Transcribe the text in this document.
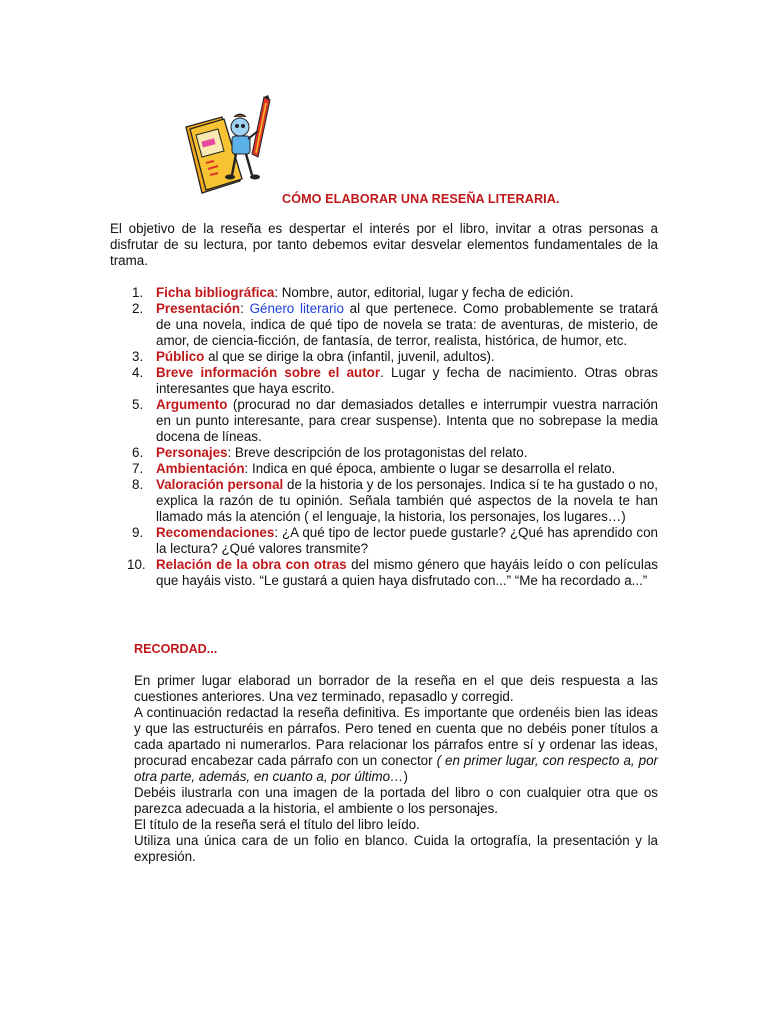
CÓMO ELABORAR UNA RESEÑA LITERARIA.

El objetivo de la reseña es despertar el interés por el libro, invitar a otras personas a disfrutar de su lectura, por tanto debemos evitar desvelar elementos fundamentales de la trama.

1. Ficha bibliográfica: Nombre, autor, editorial, lugar y fecha de edición.
2. Presentación: Género literario al que pertenece. Como probablemente se tratará de una novela, indica de qué tipo de novela se trata: de aventuras, de misterio, de amor, de ciencia-ficción, de fantasía, de terror, realista, histórica, de humor, etc.
3. Público al que se dirige la obra (infantil, juvenil, adultos).
4. Breve información sobre el autor. Lugar y fecha de nacimiento. Otras obras interesantes que haya escrito.
5. Argumento (procurad no dar demasiados detalles e interrumpir vuestra narración en un punto interesante, para crear suspense). Intenta que no sobrepase la media docena de líneas.
6. Personajes: Breve descripción de los protagonistas del relato.
7. Ambientación: Indica en qué época, ambiente o lugar se desarrolla el relato.
8. Valoración personal de la historia y de los personajes. Indica sí te ha gustado o no, explica la razón de tu opinión. Señala también qué aspectos de la novela te han llamado más la atención ( el lenguaje, la historia, los personajes, los lugares…)
9. Recomendaciones: ¿A qué tipo de lector puede gustarle? ¿Qué has aprendido con la lectura? ¿Qué valores transmite?
10. Relación de la obra con otras del mismo género que hayáis leído o con películas que hayáis visto. “Le gustará a quien haya disfrutado con...” “Me ha recordado a...”
RECORDAD...

En primer lugar elaborad un borrador de la reseña en el que deis respuesta a las cuestiones anteriores. Una vez terminado, repasadlo y corregid.

A continuación redactad la reseña definitiva. Es importante que ordenéis bien las ideas y que las estructuréis en párrafos. Pero tened en cuenta que no debéis poner títulos a cada apartado ni numerarlos. Para relacionar los párrafos entre sí y ordenar las ideas, procurad encabezar cada párrafo con un conector ( en primer lugar, con respecto a, por otra parte, además, en cuanto a, por último…)

Debéis ilustrarla con una imagen de la portada del libro o con cualquier otra que os parezca adecuada a la historia, el ambiente o los personajes.

El título de la reseña será el título del libro leído.

Utiliza una única cara de un folio en blanco. Cuida la ortografía, la presentación y la expresión.
